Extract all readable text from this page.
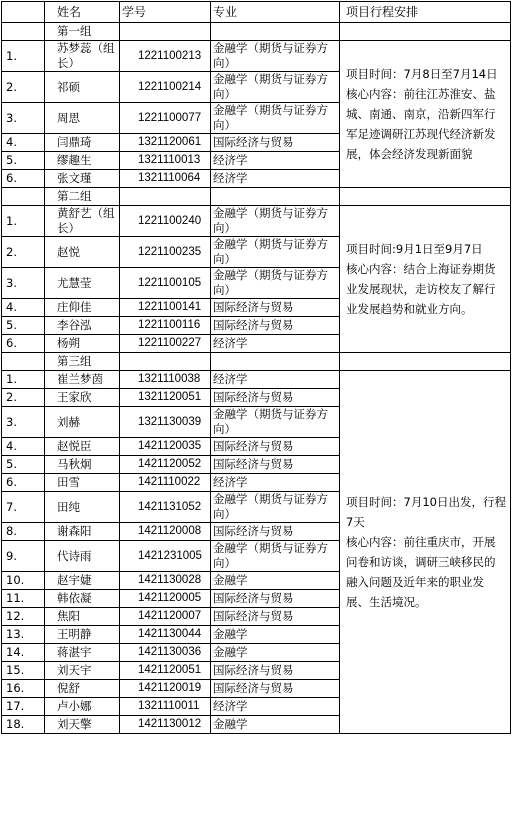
	姓名	学号	专业	项目行程安排
	第一组			
1.	苏梦蕊（组长）	1221100213	金融学（期货与证券方向）	项目时间：7月8日至7月14日
核心内容：前往江苏淮安、盐城、南通、南京，沿新四军行军足迹调研江苏现代经济新发展，体会经济发现新面貌
2.	祁硕	1221100214	金融学（期货与证券方向）	
3.	周思	1221100077	金融学（期货与证券方向）	
4.	闫鼎琦	1321120061	国际经济与贸易	
5.	缪趣生	1321110013	经济学	
6.	张文瑾	1321110064	经济学	
	第二组			
1.	黄舒艺（组长）	1221100240	金融学（期货与证券方向）	项目时间:9月1日至9月7日
核心内容：结合上海证券期货业发展现状，走访校友了解行业发展趋势和就业方向。
2.	赵悦	1221100235	金融学（期货与证券方向）	
3.	尤慧莹	1221100105	金融学（期货与证券方向）	
4.	庄仰佳	1221100141	国际经济与贸易	
5.	李谷泓	1221100116	国际经济与贸易	
6.	杨朔	1221100227	经济学	
	第三组			
1.	崔兰梦茵	1321110038	经济学	项目时间：7月10日出发，行程7天
核心内容：前往重庆市，开展问卷和访谈，调研三峡移民的融入问题及近年来的职业发展、生活境况。
2.	王家欣	1321120051	国际经济与贸易	
3.	刘赫	1321130039	金融学（期货与证券方向）	
4.	赵悦臣	1421120035	国际经济与贸易	
5.	马秋炯	1421120052	国际经济与贸易	
6.	田雪	1421110022	经济学	
7.	田纯	1421131052	金融学（期货与证券方向）	
8.	谢森阳	1421120008	国际经济与贸易	
9.	代诗雨	1421231005	金融学（期货与证券方向）	
10.	赵宇婕	1421130028	金融学	
11.	韩依凝	1421120005	国际经济与贸易	
12.	焦阳	1421120007	国际经济与贸易	
13.	王明静	1421130044	金融学	
14.	蒋湛宇	1421130036	金融学	
15.	刘天宇	1421120051	国际经济与贸易	
16.	倪舒	1421120019	国际经济与贸易	
17.	卢小娜	1321110011	经济学	
18.	刘天擎	1421130012	金融学	
